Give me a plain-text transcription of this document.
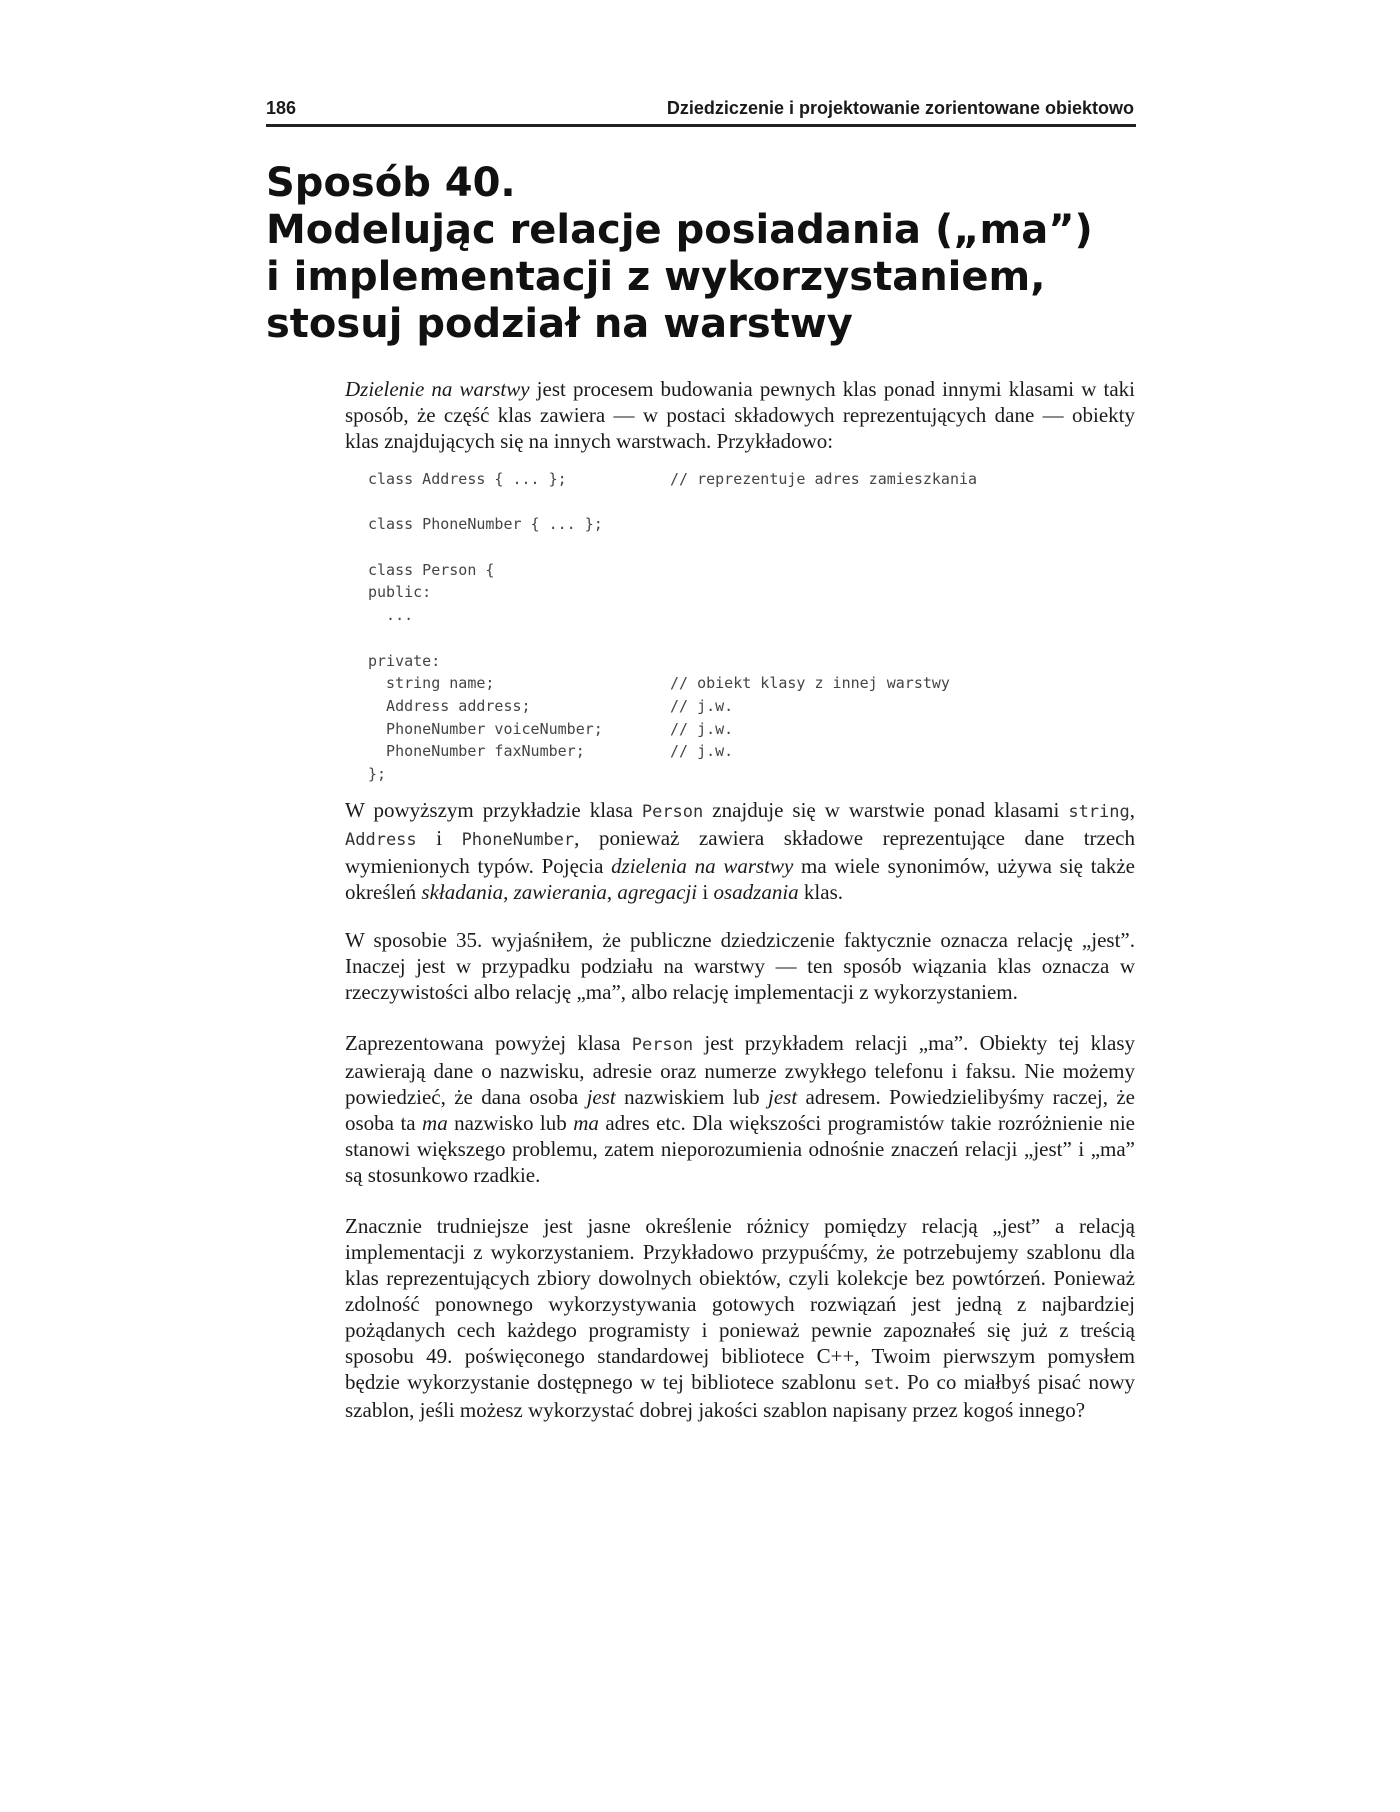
186	Dziedziczenie i projektowanie zorientowane obiektowo
Sposób 40.
Modelując relacje posiadania („ma”)
i implementacji z wykorzystaniem,
stosuj podział na warstwy

Dzielenie na warstwy jest procesem budowania pewnych klas ponad innymi klasami w taki sposób, że część klas zawiera — w postaci składowych reprezentujących dane — obiekty klas znajdujących się na innych warstwach. Przykładowo:

class Address { ... };	// reprezentuje adres zamieszkania
class PhoneNumber { ... };
class Person {
public:
...
private:
string name;	// obiekt klasy z innej warstwy
Address address;	// j.w.
PhoneNumber voiceNumber;	// j.w.
PhoneNumber faxNumber;	// j.w.
};

W powyższym przykładzie klasa Person znajduje się w warstwie ponad klasami string, Address i PhoneNumber, ponieważ zawiera składowe reprezentujące dane trzech wymienionych typów. Pojęcia dzielenia na warstwy ma wiele synonimów, używa się także określeń składania, zawierania, agregacji i osadzania klas.

W sposobie 35. wyjaśniłem, że publiczne dziedziczenie faktycznie oznacza relację „jest”. Inaczej jest w przypadku podziału na warstwy — ten sposób wiązania klas oznacza w rzeczywistości albo relację „ma”, albo relację implementacji z wykorzystaniem.

Zaprezentowana powyżej klasa Person jest przykładem relacji „ma”. Obiekty tej klasy zawierają dane o nazwisku, adresie oraz numerze zwykłego telefonu i faksu. Nie możemy powiedzieć, że dana osoba jest nazwiskiem lub jest adresem. Powiedzielibyśmy raczej, że osoba ta ma nazwisko lub ma adres etc. Dla większości programistów takie rozróżnienie nie stanowi większego problemu, zatem nieporozumienia odnośnie znaczeń relacji „jest” i „ma” są stosunkowo rzadkie.

Znacznie trudniejsze jest jasne określenie różnicy pomiędzy relacją „jest” a relacją implementacji z wykorzystaniem. Przykładowo przypuśćmy, że potrzebujemy szablonu dla klas reprezentujących zbiory dowolnych obiektów, czyli kolekcje bez powtórzeń. Ponieważ zdolność ponownego wykorzystywania gotowych rozwiązań jest jedną z najbardziej pożądanych cech każdego programisty i ponieważ pewnie zapoznałeś się już z treścią sposobu 49. poświęconego standardowej bibliotece C++, Twoim pierwszym pomysłem będzie wykorzystanie dostępnego w tej bibliotece szablonu set. Po co miałbyś pisać nowy szablon, jeśli możesz wykorzystać dobrej jakości szablon napisany przez kogoś innego?
